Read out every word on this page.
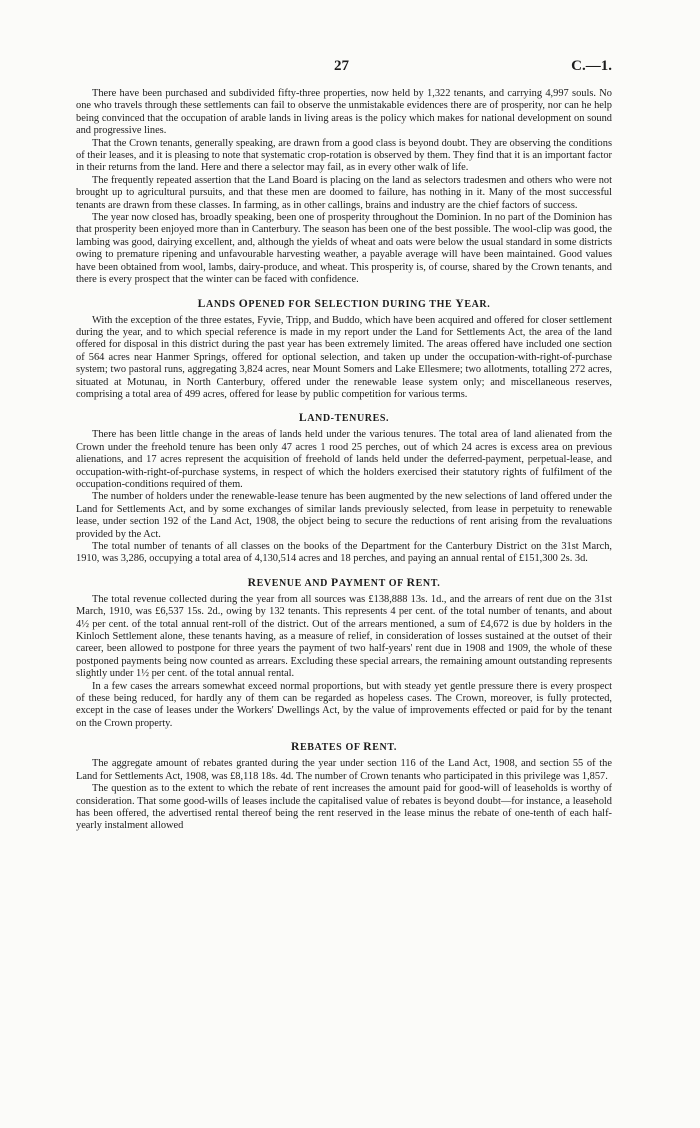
27	C.—1.

There have been purchased and subdivided fifty-three properties, now held by 1,322 tenants, and carrying 4,997 souls. No one who travels through these settlements can fail to observe the unmistakable evidences there are of prosperity, nor can he help being convinced that the occupation of arable lands in living areas is the policy which makes for national development on sound and progressive lines.

That the Crown tenants, generally speaking, are drawn from a good class is beyond doubt. They are observing the conditions of their leases, and it is pleasing to note that systematic crop-rotation is observed by them. They find that it is an important factor in their returns from the land. Here and there a selector may fail, as in every other walk of life.

The frequently repeated assertion that the Land Board is placing on the land as selectors tradesmen and others who were not brought up to agricultural pursuits, and that these men are doomed to failure, has nothing in it. Many of the most successful tenants are drawn from these classes. In farming, as in other callings, brains and industry are the chief factors of success.

The year now closed has, broadly speaking, been one of prosperity throughout the Dominion. In no part of the Dominion has that prosperity been enjoyed more than in Canterbury. The season has been one of the best possible. The wool-clip was good, the lambing was good, dairying excellent, and, although the yields of wheat and oats were below the usual standard in some districts owing to premature ripening and unfavourable harvesting weather, a payable average will have been maintained. Good values have been obtained from wool, lambs, dairy-produce, and wheat. This prosperity is, of course, shared by the Crown tenants, and there is every prospect that the winter can be faced with confidence.

LANDS OPENED FOR SELECTION DURING THE YEAR.

With the exception of the three estates, Fyvie, Tripp, and Buddo, which have been acquired and offered for closer settlement during the year, and to which special reference is made in my report under the Land for Settlements Act, the area of the land offered for disposal in this district during the past year has been extremely limited. The areas offered have included one section of 564 acres near Hanmer Springs, offered for optional selection, and taken up under the occupation-with-right-of-purchase system; two pastoral runs, aggregating 3,824 acres, near Mount Somers and Lake Ellesmere; two allotments, totalling 272 acres, situated at Motunau, in North Canterbury, offered under the renewable lease system only; and miscellaneous reserves, comprising a total area of 499 acres, offered for lease by public competition for various terms.

LAND-TENURES.

There has been little change in the areas of lands held under the various tenures. The total area of land alienated from the Crown under the freehold tenure has been only 47 acres 1 rood 25 perches, out of which 24 acres is excess area on previous alienations, and 17 acres represent the acquisition of freehold of lands held under the deferred-payment, perpetual-lease, and occupation-with-right-of-purchase systems, in respect of which the holders exercised their statutory rights of fulfilment of the occupation-conditions required of them.

The number of holders under the renewable-lease tenure has been augmented by the new selections of land offered under the Land for Settlements Act, and by some exchanges of similar lands previously selected, from lease in perpetuity to renewable lease, under section 192 of the Land Act, 1908, the object being to secure the reductions of rent arising from the revaluations provided by the Act.

The total number of tenants of all classes on the books of the Department for the Canterbury District on the 31st March, 1910, was 3,286, occupying a total area of 4,130,514 acres and 18 perches, and paying an annual rental of £151,300 2s. 3d.

REVENUE AND PAYMENT OF RENT.

The total revenue collected during the year from all sources was £138,888 13s. 1d., and the arrears of rent due on the 31st March, 1910, was £6,537 15s. 2d., owing by 132 tenants. This represents 4 per cent. of the total number of tenants, and about 4½ per cent. of the total annual rent-roll of the district. Out of the arrears mentioned, a sum of £4,672 is due by holders in the Kinloch Settlement alone, these tenants having, as a measure of relief, in consideration of losses sustained at the outset of their career, been allowed to postpone for three years the payment of two half-years' rent due in 1908 and 1909, the whole of these postponed payments being now counted as arrears. Excluding these special arrears, the remaining amount outstanding represents slightly under 1½ per cent. of the total annual rental.

In a few cases the arrears somewhat exceed normal proportions, but with steady yet gentle pressure there is every prospect of these being reduced, for hardly any of them can be regarded as hopeless cases. The Crown, moreover, is fully protected, except in the case of leases under the Workers' Dwellings Act, by the value of improvements effected or paid for by the tenant on the Crown property.

REBATES OF RENT.

The aggregate amount of rebates granted during the year under section 116 of the Land Act, 1908, and section 55 of the Land for Settlements Act, 1908, was £8,118 18s. 4d. The number of Crown tenants who participated in this privilege was 1,857.

The question as to the extent to which the rebate of rent increases the amount paid for good-will of leaseholds is worthy of consideration. That some good-wills of leases include the capitalised value of rebates is beyond doubt—for instance, a leasehold has been offered, the advertised rental thereof being the rent reserved in the lease minus the rebate of one-tenth of each half-yearly instalment allowed
